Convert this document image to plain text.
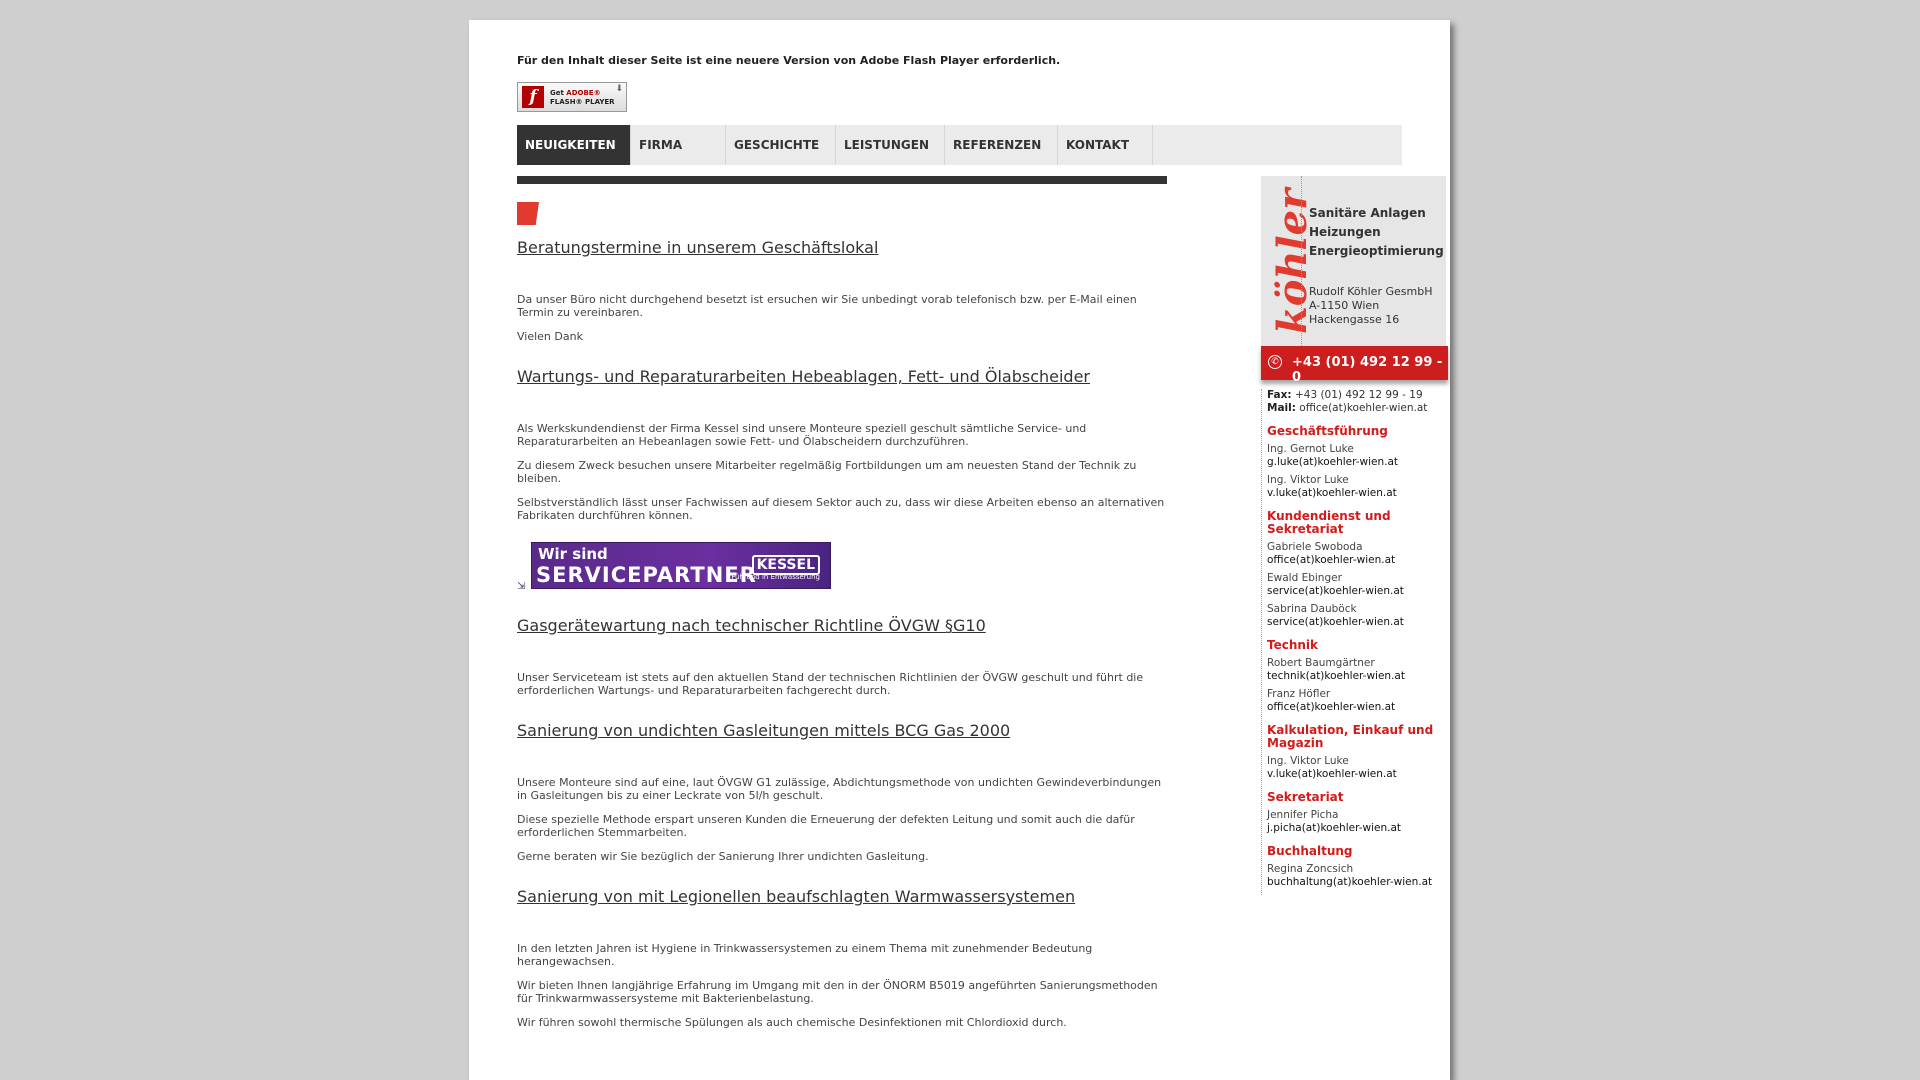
Für den Inhalt dieser Seite ist eine neuere Version von Adobe Flash Player erforderlich.
f	Get ADOBE®
FLASH® PLAYER
⬇
NEUIGKEITEN	FIRMA	GESCHICHTE	LEISTUNGEN	REFERENZEN	KONTAKT
Beratungstermine in unserem Geschäftslokal

Da unser Büro nicht durchgehend besetzt ist ersuchen wir Sie unbedingt vorab telefonisch bzw. per E-Mail einen Termin zu vereinbaren.

Vielen Dank

Wartungs- und Reparaturarbeiten Hebeablagen, Fett- und Ölabscheider

Als Werkskundendienst der Firma Kessel sind unsere Monteure speziell geschult sämtliche Service- und Reparaturarbeiten an Hebeanlagen sowie Fett- und Ölabscheidern durchzuführen.

Zu diesem Zweck besuchen unsere Mitarbeiter regelmäßig Fortbildungen um am neuesten Stand der Technik zu bleiben.

Selbstverständlich lässt unser Fachwissen auf diesem Sektor auch zu, dass wir diese Arbeiten ebenso an alternativen Fabrikaten durchführen können.

⇲
Wir sind
SERVICEPARTNER KESSEL
Führend in Entwässerung
Gasgerätewartung nach technischer Richtline ÖVGW §G10

Unser Serviceteam ist stets auf den aktuellen Stand der technischen Richtlinien der ÖVGW geschult und führt die erforderlichen Wartungs- und Reparaturarbeiten fachgerecht durch.

Sanierung von undichten Gasleitungen mittels BCG Gas 2000

Unsere Monteure sind auf eine, laut ÖVGW G1 zulässige, Abdichtungsmethode von undichten Gewindeverbindungen in Gasleitungen bis zu einer Leckrate von 5l/h geschult.

Diese spezielle Methode erspart unseren Kunden die Erneuerung der defekten Leitung und somit auch die dafür erforderlichen Stemmarbeiten.

Gerne beraten wir Sie bezüglich der Sanierung Ihrer undichten Gasleitung.

Sanierung von mit Legionellen beaufschlagten Warmwassersystemen

In den letzten Jahren ist Hygiene in Trinkwassersystemen zu einem Thema mit zunehmender Bedeutung herangewachsen.

Wir bieten Ihnen langjährige Erfahrung im Umgang mit den in der ÖNORM B5019 angeführten Sanierungsmethoden für Trinkwarmwassersysteme mit Bakterienbelastung.

Wir führen sowohl thermische Spülungen als auch chemische Desinfektionen mit Chlordioxid durch.

köhler
Sanitäre Anlagen
Heizungen
Energieoptimierung
Rudolf Köhler GesmbH
A-1150 Wien
Hackengasse 16
✆ +43 (01) 492 12 99 - 0
Fax: +43 (01) 492 12 99 - 19
Mail: office(at)koehler-wien.at
Geschäftsführung
Ing. Gernot Luke
g.luke(at)koehler-wien.at
Ing. Viktor Luke
v.luke(at)koehler-wien.at
Kundendienst und Sekretariat
Gabriele Swoboda
office(at)koehler-wien.at
Ewald Ebinger
service(at)koehler-wien.at
Sabrina Dauböck
service(at)koehler-wien.at
Technik
Robert Baumgärtner
technik(at)koehler-wien.at
Franz Höfler
office(at)koehler-wien.at
Kalkulation, Einkauf und Magazin
Ing. Viktor Luke
v.luke(at)koehler-wien.at
Sekretariat
Jennifer Picha
j.picha(at)koehler-wien.at
Buchhaltung
Regina Zoncsich
buchhaltung(at)koehler-wien.at
